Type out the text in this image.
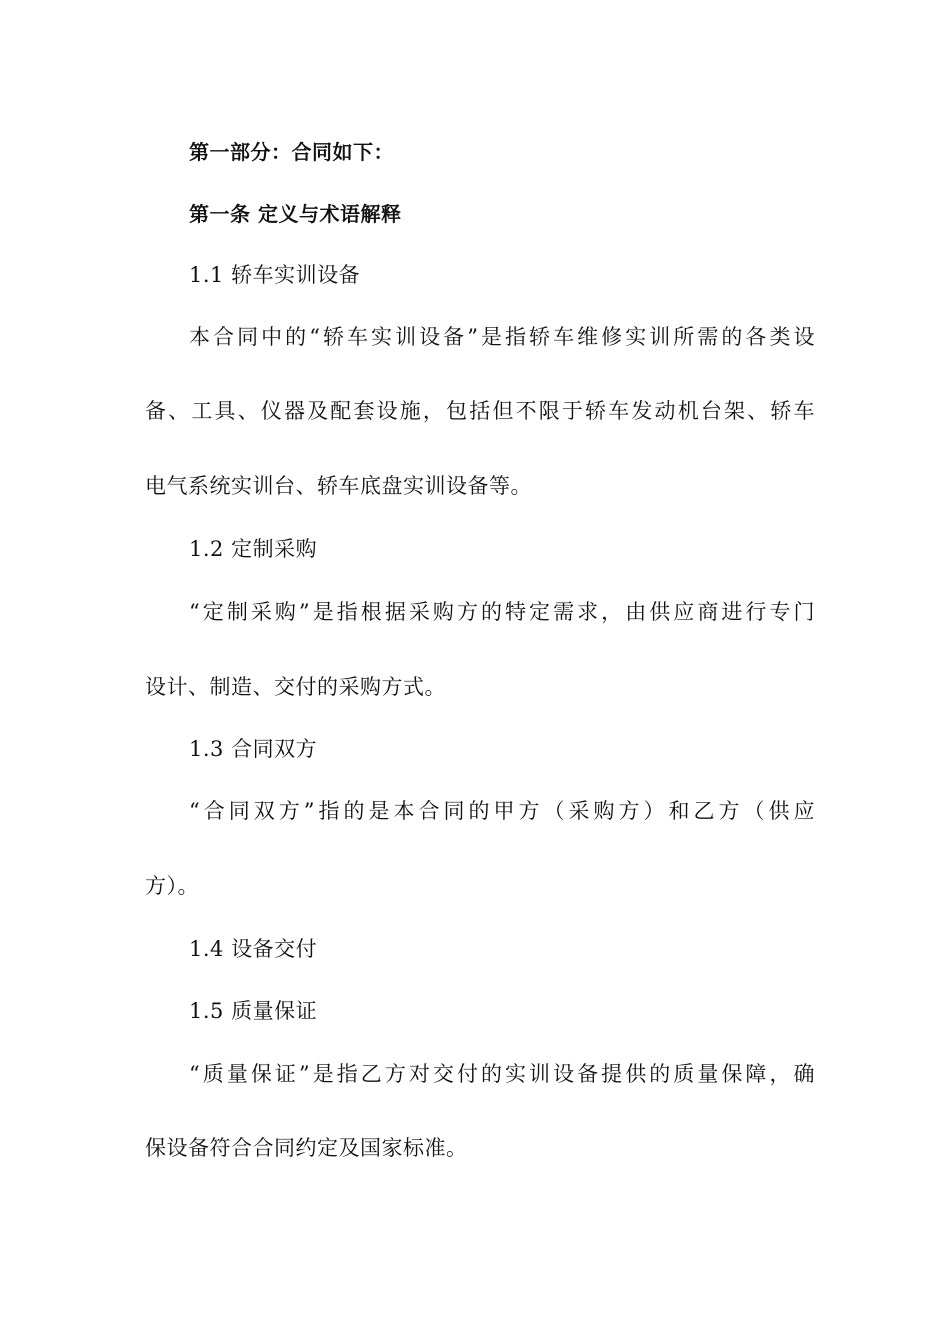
第一部分：合同如下：
第一条 定义与术语解释
1.1 轿车实训设备
本合同中的“轿车实训设备”是指轿车维修实训所需的各类设
备、工具、仪器及配套设施，包括但不限于轿车发动机台架、轿车
电气系统实训台、轿车底盘实训设备等。
1.2 定制采购
“定制采购”是指根据采购方的特定需求，由供应商进行专门
设计、制造、交付的采购方式。
1.3 合同双方
“合同双方”指的是本合同的甲方（采购方）和乙方（供应
方）。
1.4 设备交付
1.5 质量保证
“质量保证”是指乙方对交付的实训设备提供的质量保障，确
保设备符合合同约定及国家标准。
